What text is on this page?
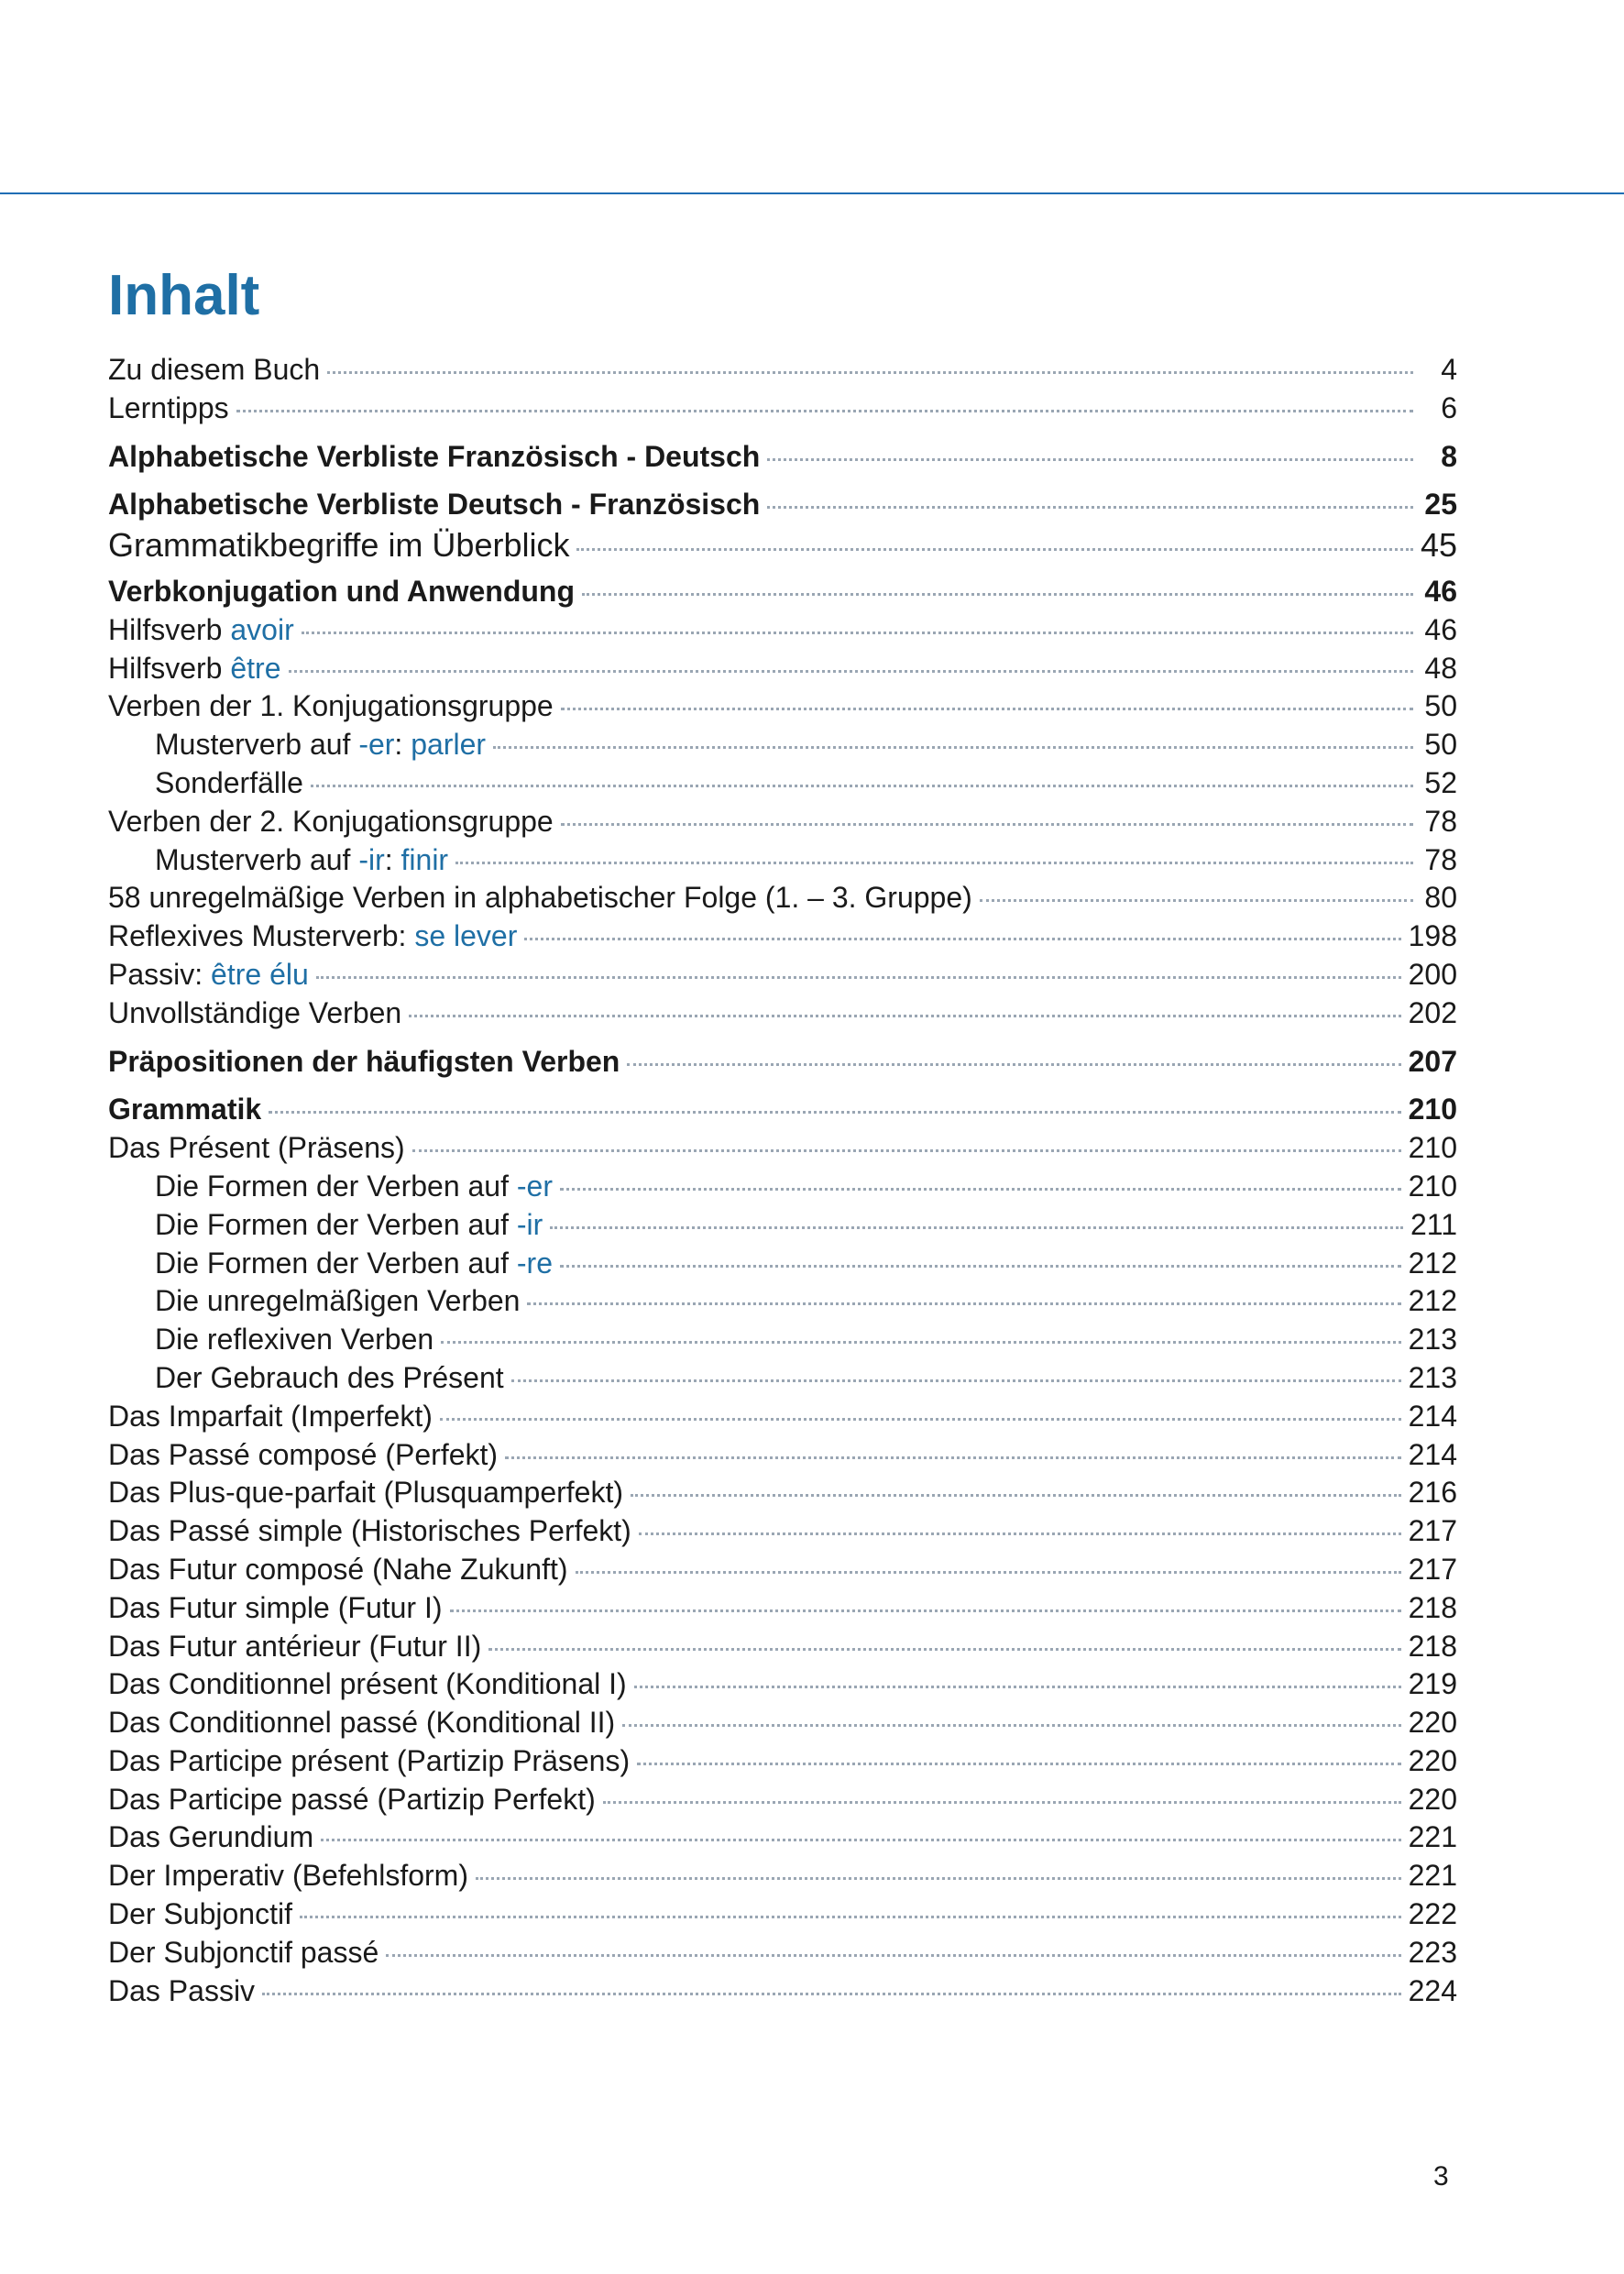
Inhalt
Zu diesem Buch	4
Lerntipps	6
Alphabetische Verbliste Französisch - Deutsch	8
Alphabetische Verbliste Deutsch - Französisch	25
Grammatikbegriffe im Überblick	45
Verbkonjugation und Anwendung	46
Hilfsverb avoir	46
Hilfsverb être	48
Verben der 1. Konjugationsgruppe	50
Musterverb auf -er: parler	50
Sonderfälle	52
Verben der 2. Konjugationsgruppe	78
Musterverb auf -ir: finir	78
58 unregelmäßige Verben in alphabetischer Folge (1. – 3. Gruppe)	80
Reflexives Musterverb: se lever	198
Passiv: être élu	200
Unvollständige Verben	202
Präpositionen der häufigsten Verben	207
Grammatik	210
Das Présent (Präsens)	210
Die Formen der Verben auf -er	210
Die Formen der Verben auf -ir	211
Die Formen der Verben auf -re	212
Die unregelmäßigen Verben	212
Die reflexiven Verben	213
Der Gebrauch des Présent	213
Das Imparfait (Imperfekt)	214
Das Passé composé (Perfekt)	214
Das Plus-que-parfait (Plusquamperfekt)	216
Das Passé simple (Historisches Perfekt)	217
Das Futur composé (Nahe Zukunft)	217
Das Futur simple (Futur I)	218
Das Futur antérieur (Futur II)	218
Das Conditionnel présent (Konditional I)	219
Das Conditionnel passé (Konditional II)	220
Das Participe présent (Partizip Präsens)	220
Das Participe passé (Partizip Perfekt)	220
Das Gerundium	221
Der Imperativ (Befehlsform)	221
Der Subjonctif	222
Der Subjonctif passé	223
Das Passiv	224
3
